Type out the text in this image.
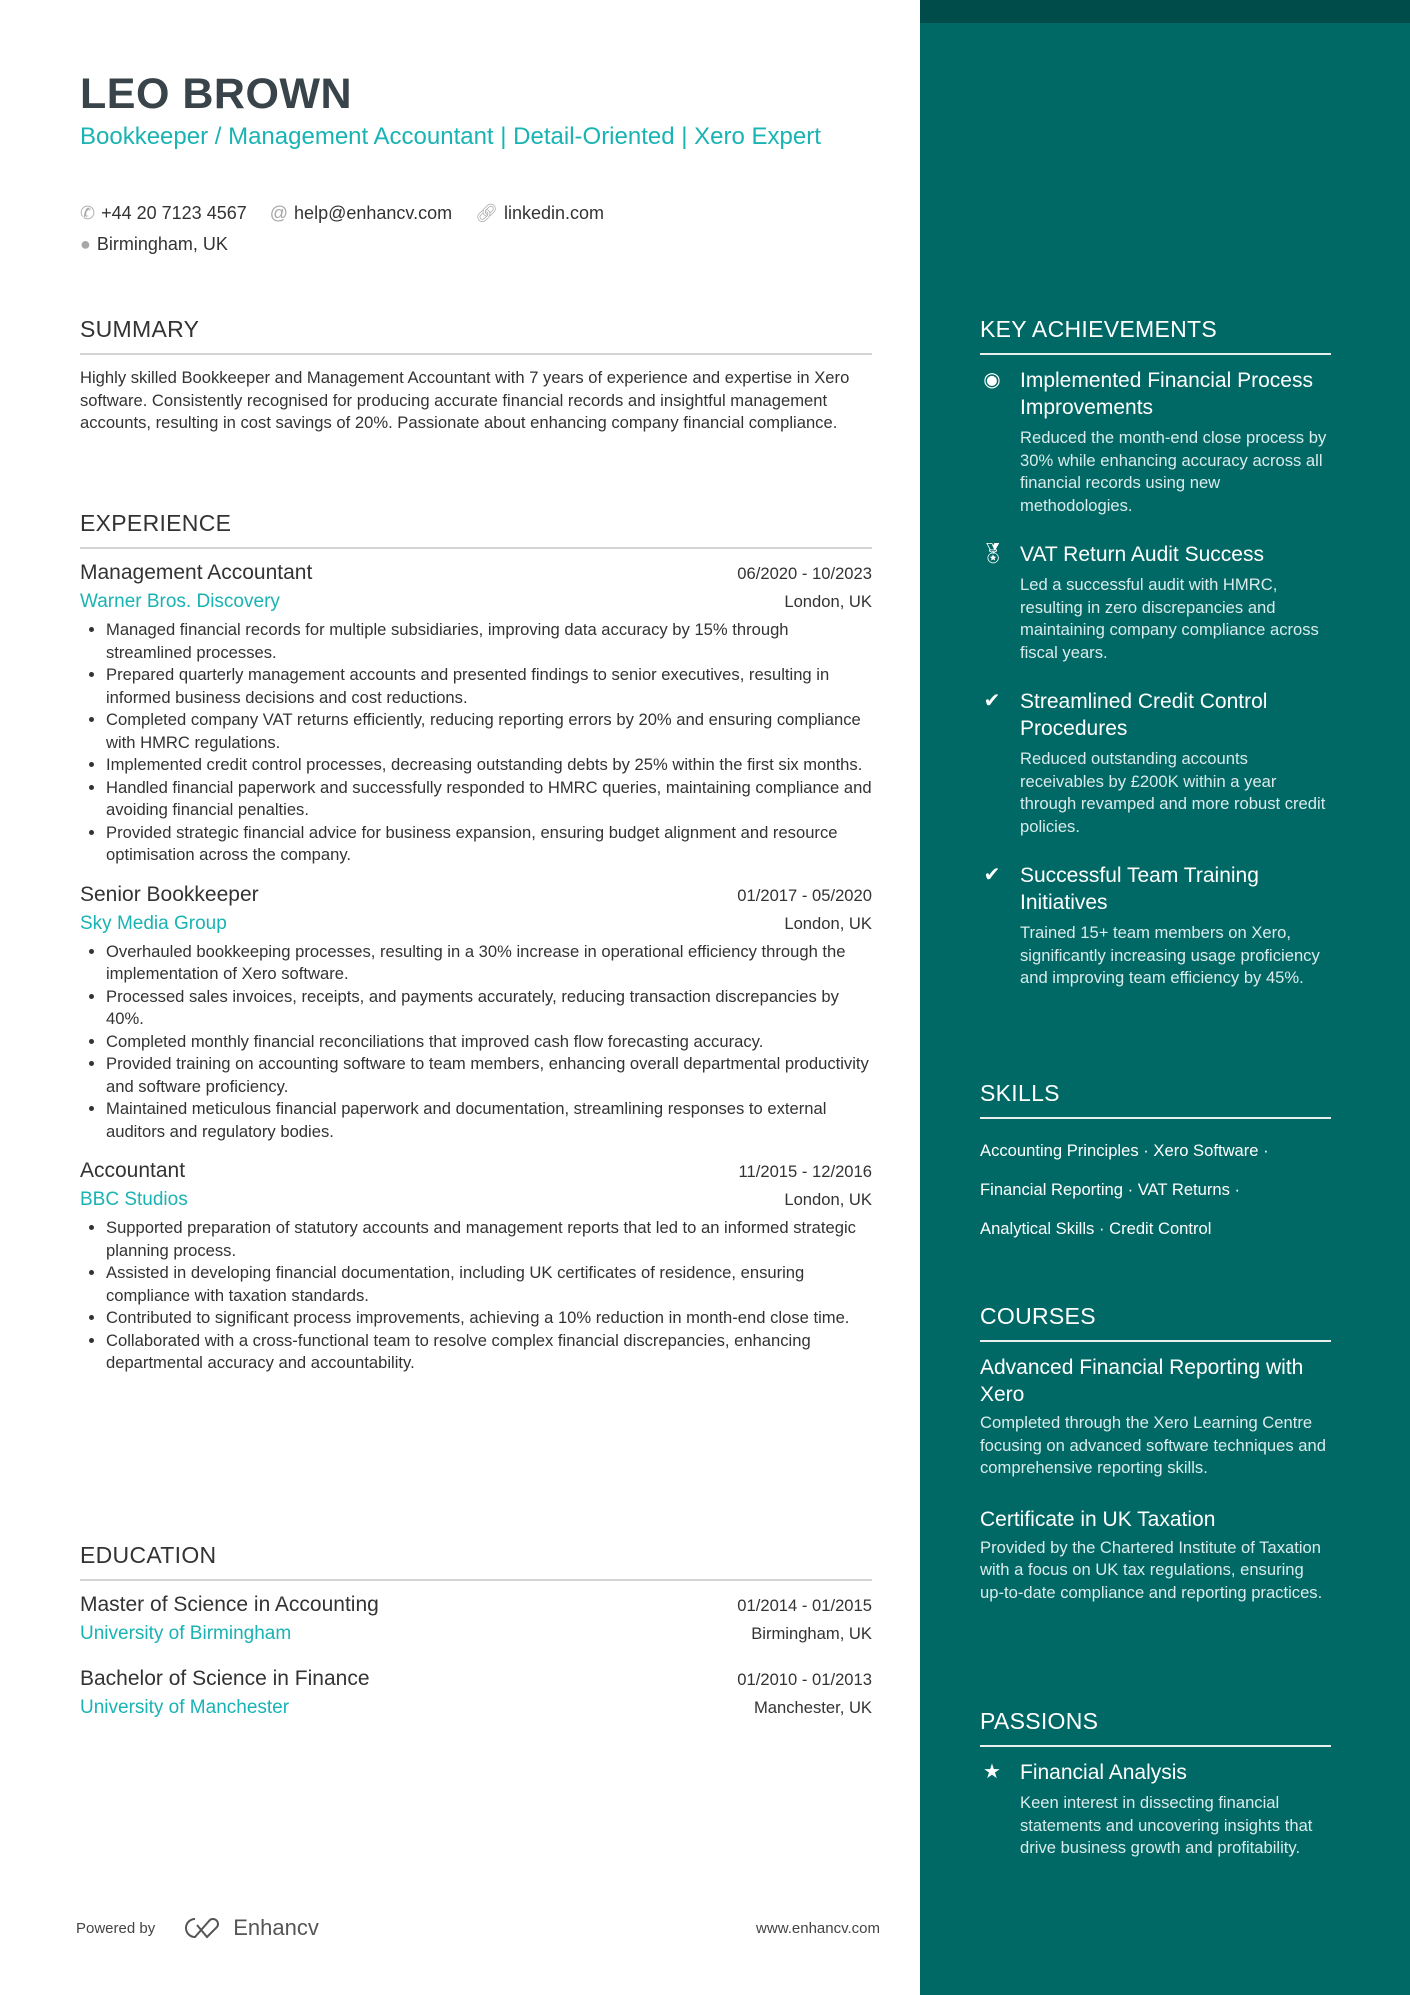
LEO BROWN
Bookkeeper / Management Accountant | Detail-Oriented | Xero Expert
✆ +44 20 7123 4567
@ help@enhancv.com
🔗︎ linkedin.com
● Birmingham, UK
SUMMARY
Highly skilled Bookkeeper and Management Accountant with 7 years of experience and expertise in Xero software. Consistently recognised for producing accurate financial records and insightful management accounts, resulting in cost savings of 20%. Passionate about enhancing company financial compliance.
EXPERIENCE
Management Accountant	06/2020 - 10/2023
Warner Bros. Discovery	London, UK
• Managed financial records for multiple subsidiaries, improving data accuracy by 15% through streamlined processes.
• Prepared quarterly management accounts and presented findings to senior executives, resulting in informed business decisions and cost reductions.
• Completed company VAT returns efficiently, reducing reporting errors by 20% and ensuring compliance with HMRC regulations.
• Implemented credit control processes, decreasing outstanding debts by 25% within the first six months.
• Handled financial paperwork and successfully responded to HMRC queries, maintaining compliance and avoiding financial penalties.
• Provided strategic financial advice for business expansion, ensuring budget alignment and resource optimisation across the company.
Senior Bookkeeper	01/2017 - 05/2020
Sky Media Group	London, UK
• Overhauled bookkeeping processes, resulting in a 30% increase in operational efficiency through the implementation of Xero software.
• Processed sales invoices, receipts, and payments accurately, reducing transaction discrepancies by 40%.
• Completed monthly financial reconciliations that improved cash flow forecasting accuracy.
• Provided training on accounting software to team members, enhancing overall departmental productivity and software proficiency.
• Maintained meticulous financial paperwork and documentation, streamlining responses to external auditors and regulatory bodies.
Accountant	11/2015 - 12/2016
BBC Studios	London, UK
• Supported preparation of statutory accounts and management reports that led to an informed strategic planning process.
• Assisted in developing financial documentation, including UK certificates of residence, ensuring compliance with taxation standards.
• Contributed to significant process improvements, achieving a 10% reduction in month-end close time.
• Collaborated with a cross-functional team to resolve complex financial discrepancies, enhancing departmental accuracy and accountability.
EDUCATION
Master of Science in Accounting	01/2014 - 01/2015
University of Birmingham	Birmingham, UK
Bachelor of Science in Finance	01/2010 - 01/2013
University of Manchester	Manchester, UK
KEY ACHIEVEMENTS
◉ Implemented Financial Process Improvements
Reduced the month-end close process by 30% while enhancing accuracy across all financial records using new methodologies.
🏅︎ VAT Return Audit Success
Led a successful audit with HMRC, resulting in zero discrepancies and maintaining company compliance across fiscal years.
✔ Streamlined Credit Control Procedures
Reduced outstanding accounts receivables by £200K within a year through revamped and more robust credit policies.
✔ Successful Team Training Initiatives
Trained 15+ team members on Xero, significantly increasing usage proficiency and improving team efficiency by 45%.
SKILLS
Accounting Principles · Xero Software ·
Financial Reporting · VAT Returns ·
Analytical Skills · Credit Control
COURSES
Advanced Financial Reporting with Xero
Completed through the Xero Learning Centre focusing on advanced software techniques and comprehensive reporting skills.
Certificate in UK Taxation
Provided by the Chartered Institute of Taxation with a focus on UK tax regulations, ensuring up-to-date compliance and reporting practices.
PASSIONS
★ Financial Analysis
Keen interest in dissecting financial statements and uncovering insights that drive business growth and profitability.
Powered by	Enhancv	www.enhancv.com
